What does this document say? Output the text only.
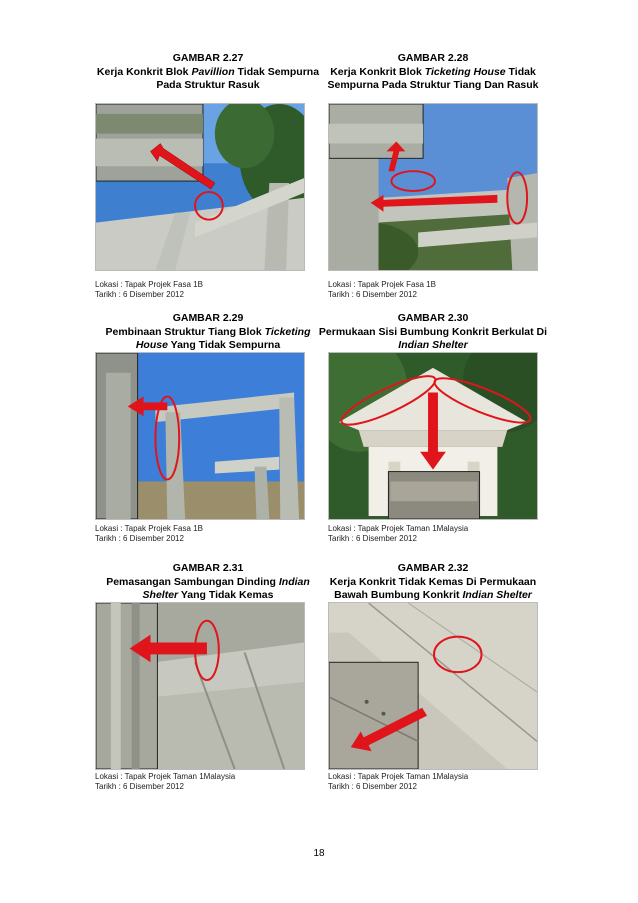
GAMBAR 2.27
Kerja Konkrit Blok Pavillion Tidak Sempurna Pada Struktur Rasuk
Lokasi : Tapak Projek Fasa 1B
Tarikh : 6 Disember 2012
GAMBAR 2.28
Kerja Konkrit Blok Ticketing House Tidak Sempurna Pada Struktur Tiang Dan Rasuk
Lokasi : Tapak Projek Fasa 1B
Tarikh : 6 Disember 2012
GAMBAR 2.29
Pembinaan Struktur Tiang Blok Ticketing House Yang Tidak Sempurna
Lokasi : Tapak Projek Fasa 1B
Tarikh : 6 Disember 2012
GAMBAR 2.30
Permukaan Sisi Bumbung Konkrit Berkulat Di Indian Shelter
Lokasi : Tapak Projek Taman 1Malaysia
Tarikh : 6 Disember 2012
GAMBAR 2.31
Pemasangan Sambungan Dinding Indian Shelter Yang Tidak Kemas
Lokasi : Tapak Projek Taman 1Malaysia
Tarikh : 6 Disember 2012
GAMBAR 2.32
Kerja Konkrit Tidak Kemas Di Permukaan Bawah Bumbung Konkrit Indian Shelter
Lokasi : Tapak Projek Taman 1Malaysia
Tarikh : 6 Disember 2012
18
